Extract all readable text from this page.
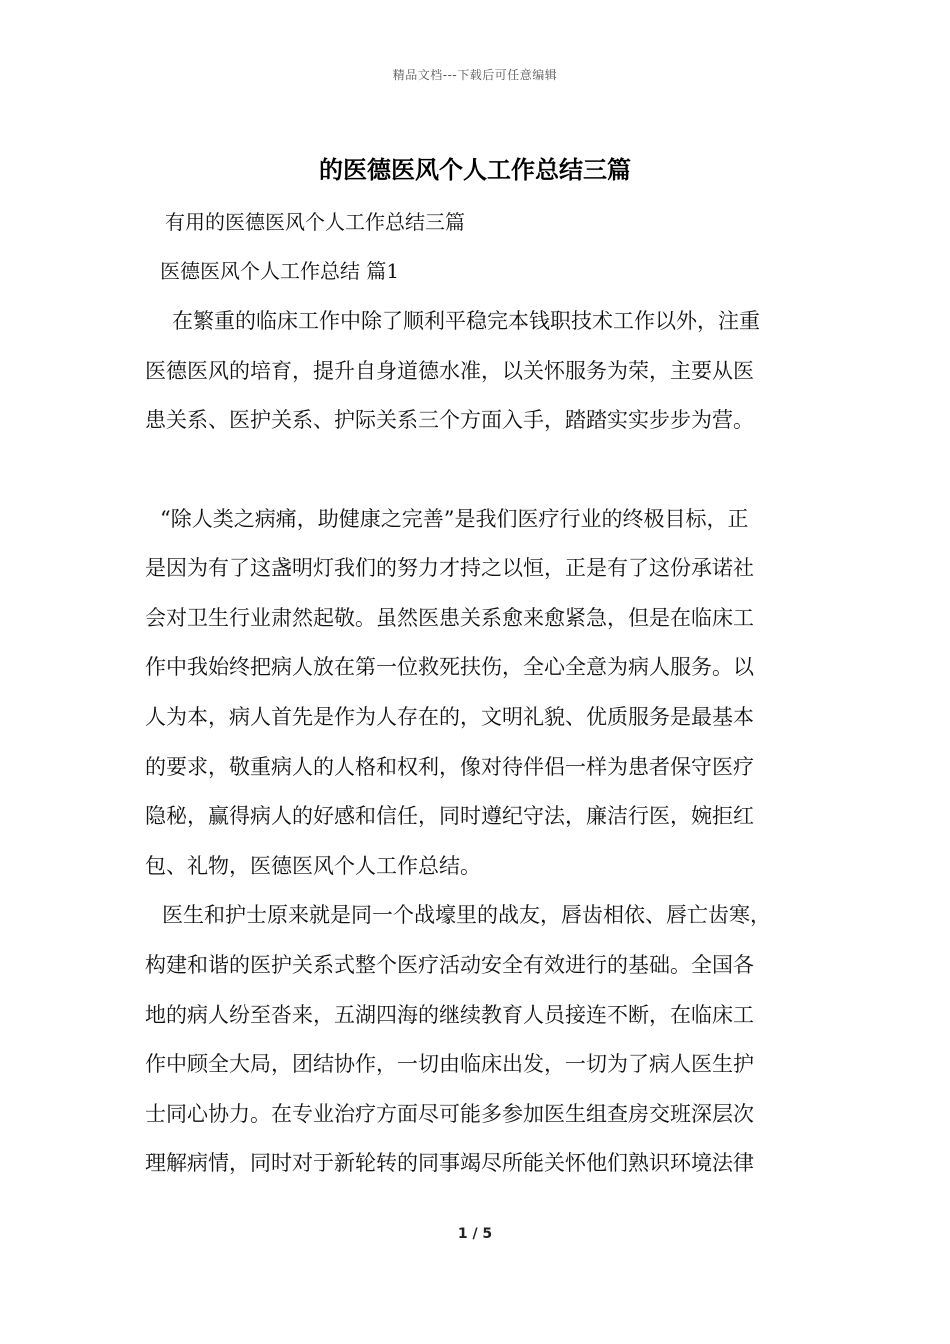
精品文档---下载后可任意编辑
的医德医风个人工作总结三篇
有用的医德医风个人工作总结三篇
医德医风个人工作总结 篇1
在繁重的临床工作中除了顺利平稳完本钱职技术工作以外，注重
医德医风的培育，提升自身道德水准，以关怀服务为荣，主要从医
患关系、医护关系、护际关系三个方面入手，踏踏实实步步为营。
“除人类之病痛，助健康之完善”是我们医疗行业的终极目标，正
是因为有了这盏明灯我们的努力才持之以恒，正是有了这份承诺社
会对卫生行业肃然起敬。虽然医患关系愈来愈紧急，但是在临床工
作中我始终把病人放在第一位救死扶伤，全心全意为病人服务。以
人为本，病人首先是作为人存在的，文明礼貌、优质服务是最基本
的要求，敬重病人的人格和权利，像对待伴侣一样为患者保守医疗
隐秘，赢得病人的好感和信任，同时遵纪守法，廉洁行医，婉拒红
包、礼物，医德医风个人工作总结。
医生和护士原来就是同一个战壕里的战友，唇齿相依、唇亡齿寒，
构建和谐的医护关系式整个医疗活动安全有效进行的基础。全国各
地的病人纷至沓来，五湖四海的继续教育人员接连不断，在临床工
作中顾全大局，团结协作，一切由临床出发，一切为了病人医生护
士同心协力。在专业治疗方面尽可能多参加医生组查房交班深层次
理解病情，同时对于新轮转的同事竭尽所能关怀他们熟识环境法律
1 / 5
